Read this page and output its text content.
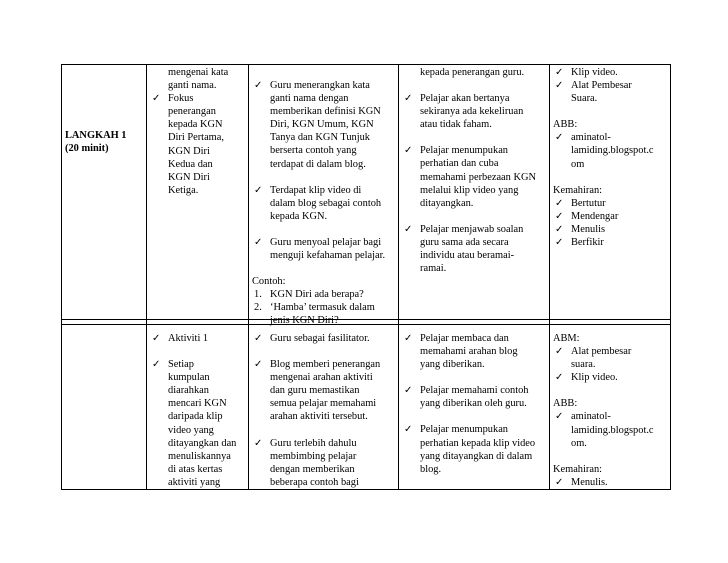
LANGKAH 1
(20 minit)
mengenai kata
ganti nama.
✓ Fokus
penerangan
kepada KGN
Diri Pertama,
KGN Diri
Kedua dan
KGN Diri
Ketiga.
✓ Guru menerangkan kata
ganti nama dengan
memberikan definisi KGN
Diri, KGN Umum, KGN
Tanya dan KGN Tunjuk
berserta contoh yang
terdapat di dalam blog.
✓ Terdapat klip video di
dalam blog sebagai contoh
kepada KGN.
✓ Guru menyoal pelajar bagi
menguji kefahaman pelajar.
Contoh:
1. KGN Diri ada berapa?
2. ‘Hamba’ termasuk dalam
jenis KGN Diri?
kepada penerangan guru.
✓ Pelajar akan bertanya
sekiranya ada kekeliruan
atau tidak faham.
✓ Pelajar menumpukan
perhatian dan cuba
memahami perbezaan KGN
melalui klip video yang
ditayangkan.
✓ Pelajar menjawab soalan
guru sama ada secara
individu atau beramai-
ramai.
✓ Klip video.
✓ Alat Pembesar
Suara.
ABB:
✓ aminatol-
lamiding.blogspot.c
om
Kemahiran:
✓ Bertutur
✓ Mendengar
✓ Menulis
✓ Berfikir
✓ Aktiviti 1
✓ Setiap
kumpulan
diarahkan
mencari KGN
daripada klip
video yang
ditayangkan dan
menuliskannya
di atas kertas
aktiviti yang
✓ Guru sebagai fasilitator.
✓ Blog memberi penerangan
mengenai arahan aktiviti
dan guru memastikan
semua pelajar memahami
arahan aktiviti tersebut.
✓ Guru terlebih dahulu
membimbing pelajar
dengan memberikan
beberapa contoh bagi
✓ Pelajar membaca dan
memahami arahan blog
yang diberikan.
✓ Pelajar memahami contoh
yang diberikan oleh guru.
✓ Pelajar menumpukan
perhatian kepada klip video
yang ditayangkan di dalam
blog.
ABM:
✓ Alat pembesar
suara.
✓ Klip video.
ABB:
✓ aminatol-
lamiding.blogspot.c
om.
Kemahiran:
✓ Menulis.
